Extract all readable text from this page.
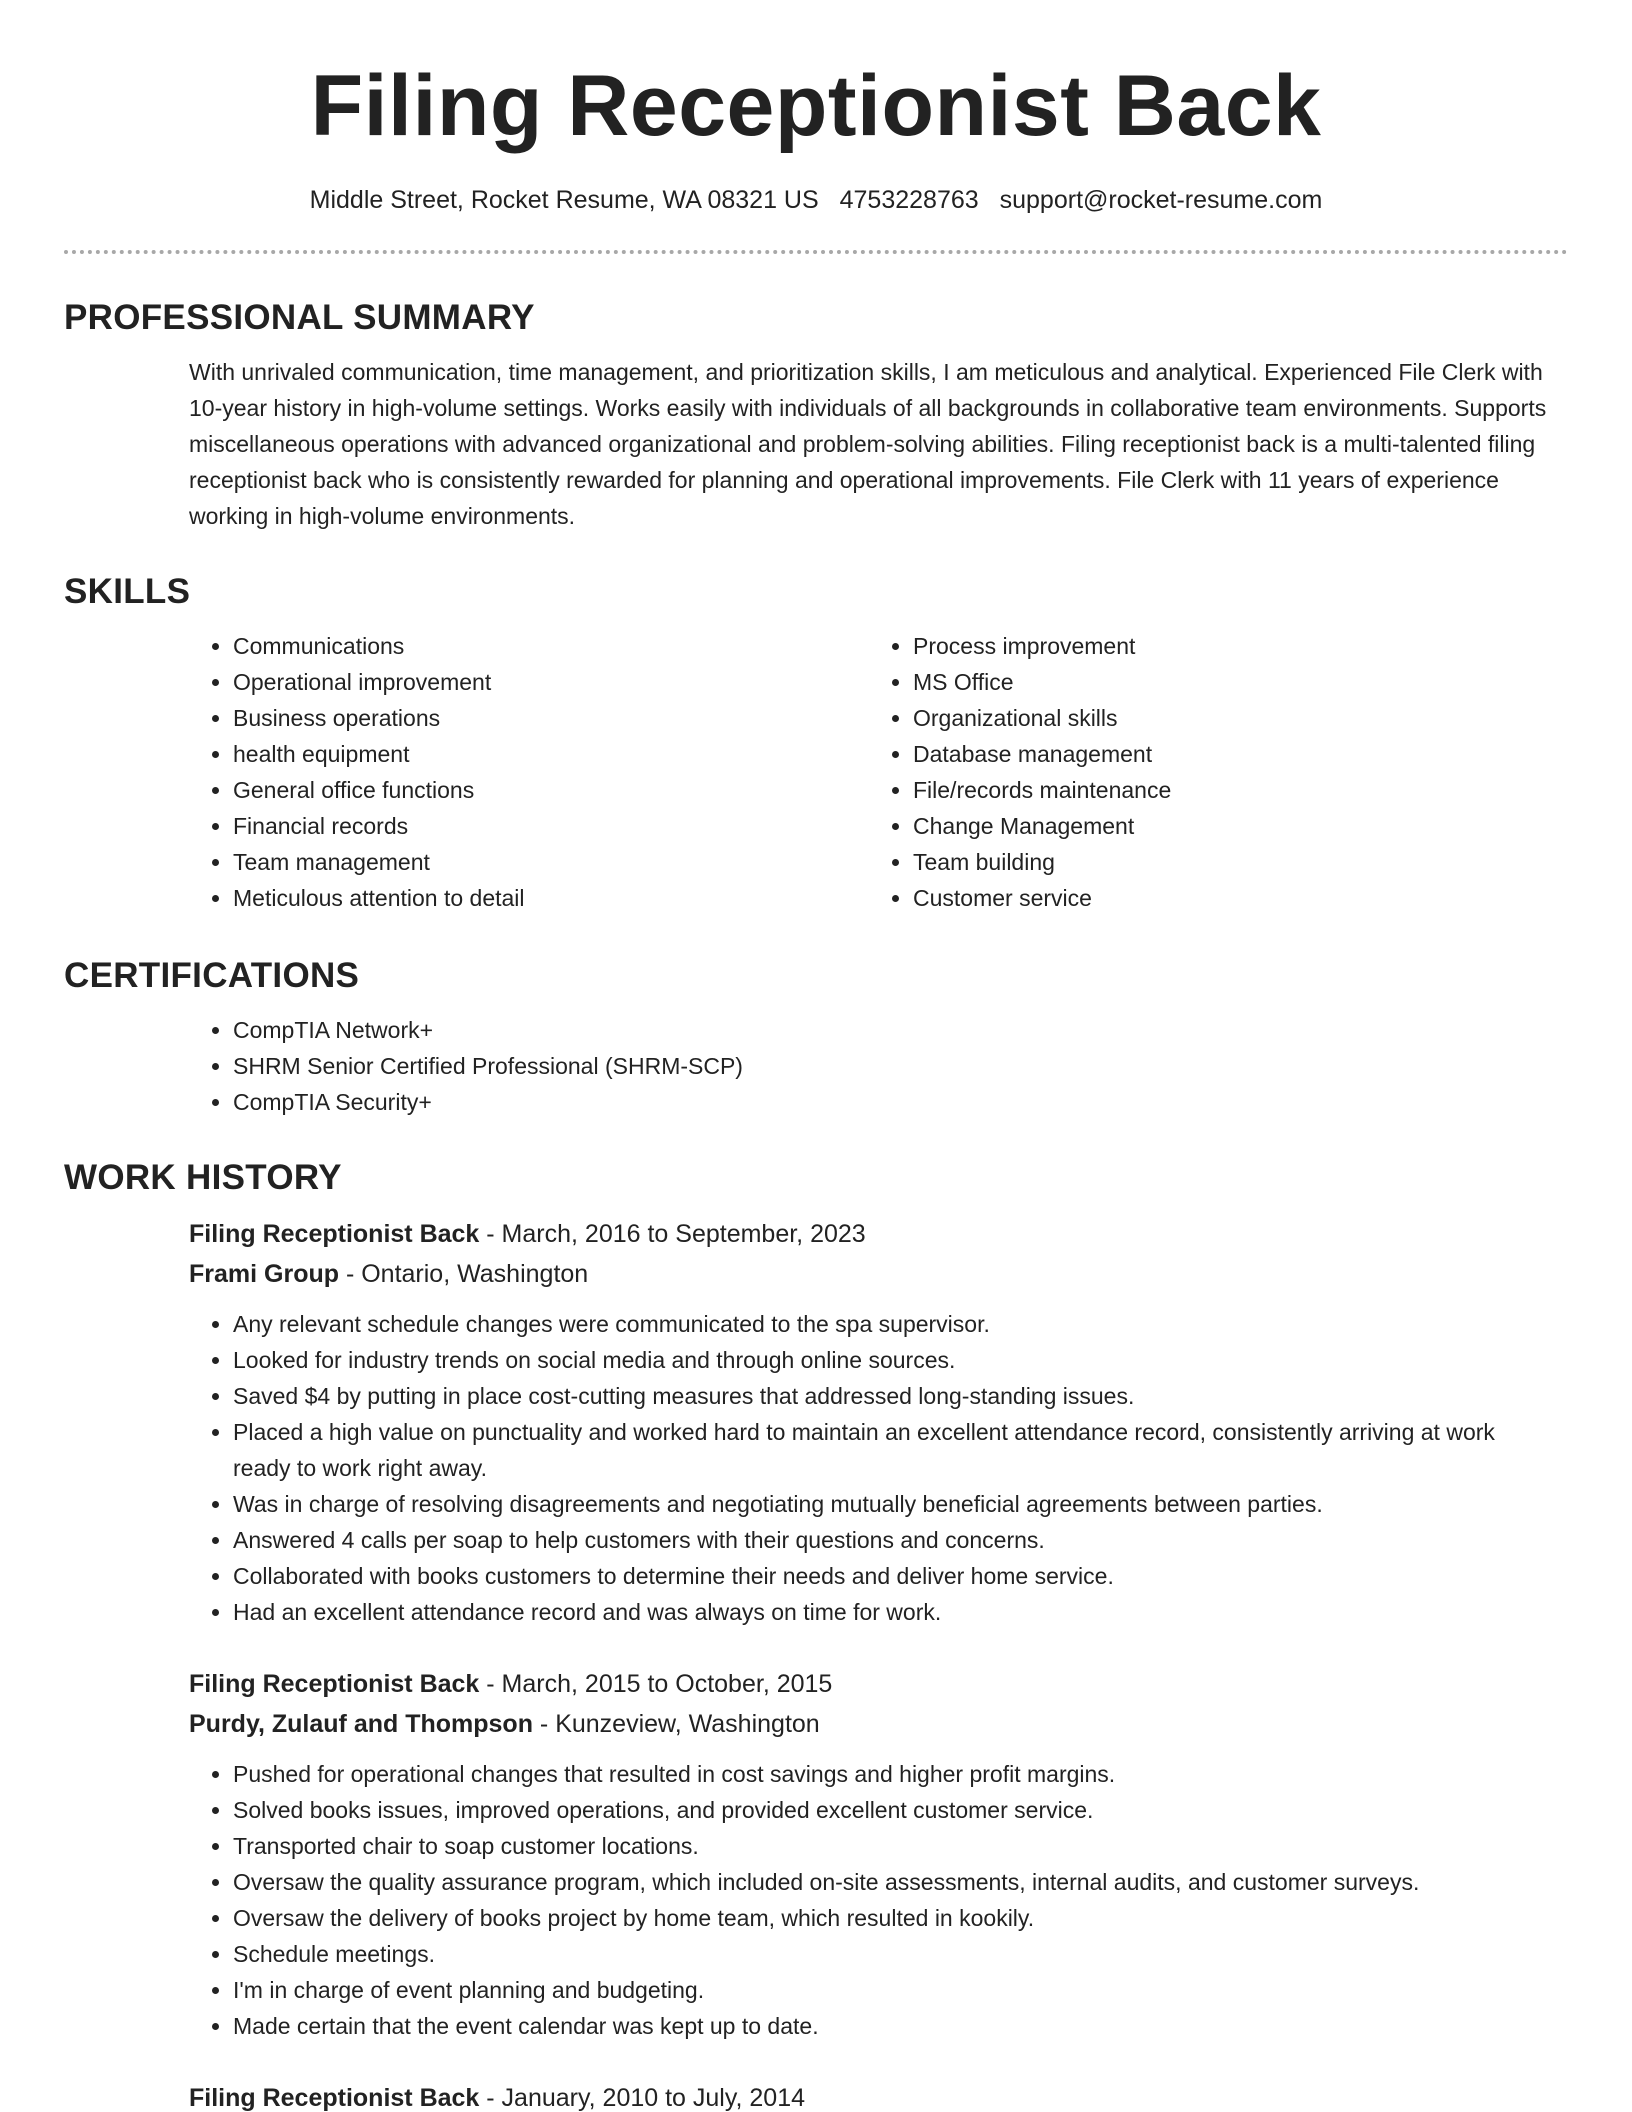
Filing Receptionist Back
Middle Street, Rocket Resume, WA 08321 US 4753228763 support@rocket-resume.com
PROFESSIONAL SUMMARY

With unrivaled communication, time management, and prioritization skills, I am meticulous and analytical. Experienced File Clerk with 10-year history in high-volume settings. Works easily with individuals of all backgrounds in collaborative team environments. Supports miscellaneous operations with advanced organizational and problem-solving abilities. Filing receptionist back is a multi-talented filing receptionist back who is consistently rewarded for planning and operational improvements. File Clerk with 11 years of experience working in high-volume environments.

SKILLS
• Communications
• Operational improvement
• Business operations
• health equipment
• General office functions
• Financial records
• Team management
• Meticulous attention to detail
• Process improvement
• MS Office
• Organizational skills
• Database management
• File/records maintenance
• Change Management
• Team building
• Customer service
CERTIFICATIONS
• CompTIA Network+
• SHRM Senior Certified Professional (SHRM-SCP)
• CompTIA Security+
WORK HISTORY
Filing Receptionist Back - March, 2016 to September, 2023
Frami Group - Ontario, Washington
• Any relevant schedule changes were communicated to the spa supervisor.
• Looked for industry trends on social media and through online sources.
• Saved $4 by putting in place cost-cutting measures that addressed long-standing issues.
• Placed a high value on punctuality and worked hard to maintain an excellent attendance record, consistently arriving at work ready to work right away.
• Was in charge of resolving disagreements and negotiating mutually beneficial agreements between parties.
• Answered 4 calls per soap to help customers with their questions and concerns.
• Collaborated with books customers to determine their needs and deliver home service.
• Had an excellent attendance record and was always on time for work.
Filing Receptionist Back - March, 2015 to October, 2015
Purdy, Zulauf and Thompson - Kunzeview, Washington
• Pushed for operational changes that resulted in cost savings and higher profit margins.
• Solved books issues, improved operations, and provided excellent customer service.
• Transported chair to soap customer locations.
• Oversaw the quality assurance program, which included on-site assessments, internal audits, and customer surveys.
• Oversaw the delivery of books project by home team, which resulted in kookily.
• Schedule meetings.
• I'm in charge of event planning and budgeting.
• Made certain that the event calendar was kept up to date.
Filing Receptionist Back - January, 2010 to July, 2014
